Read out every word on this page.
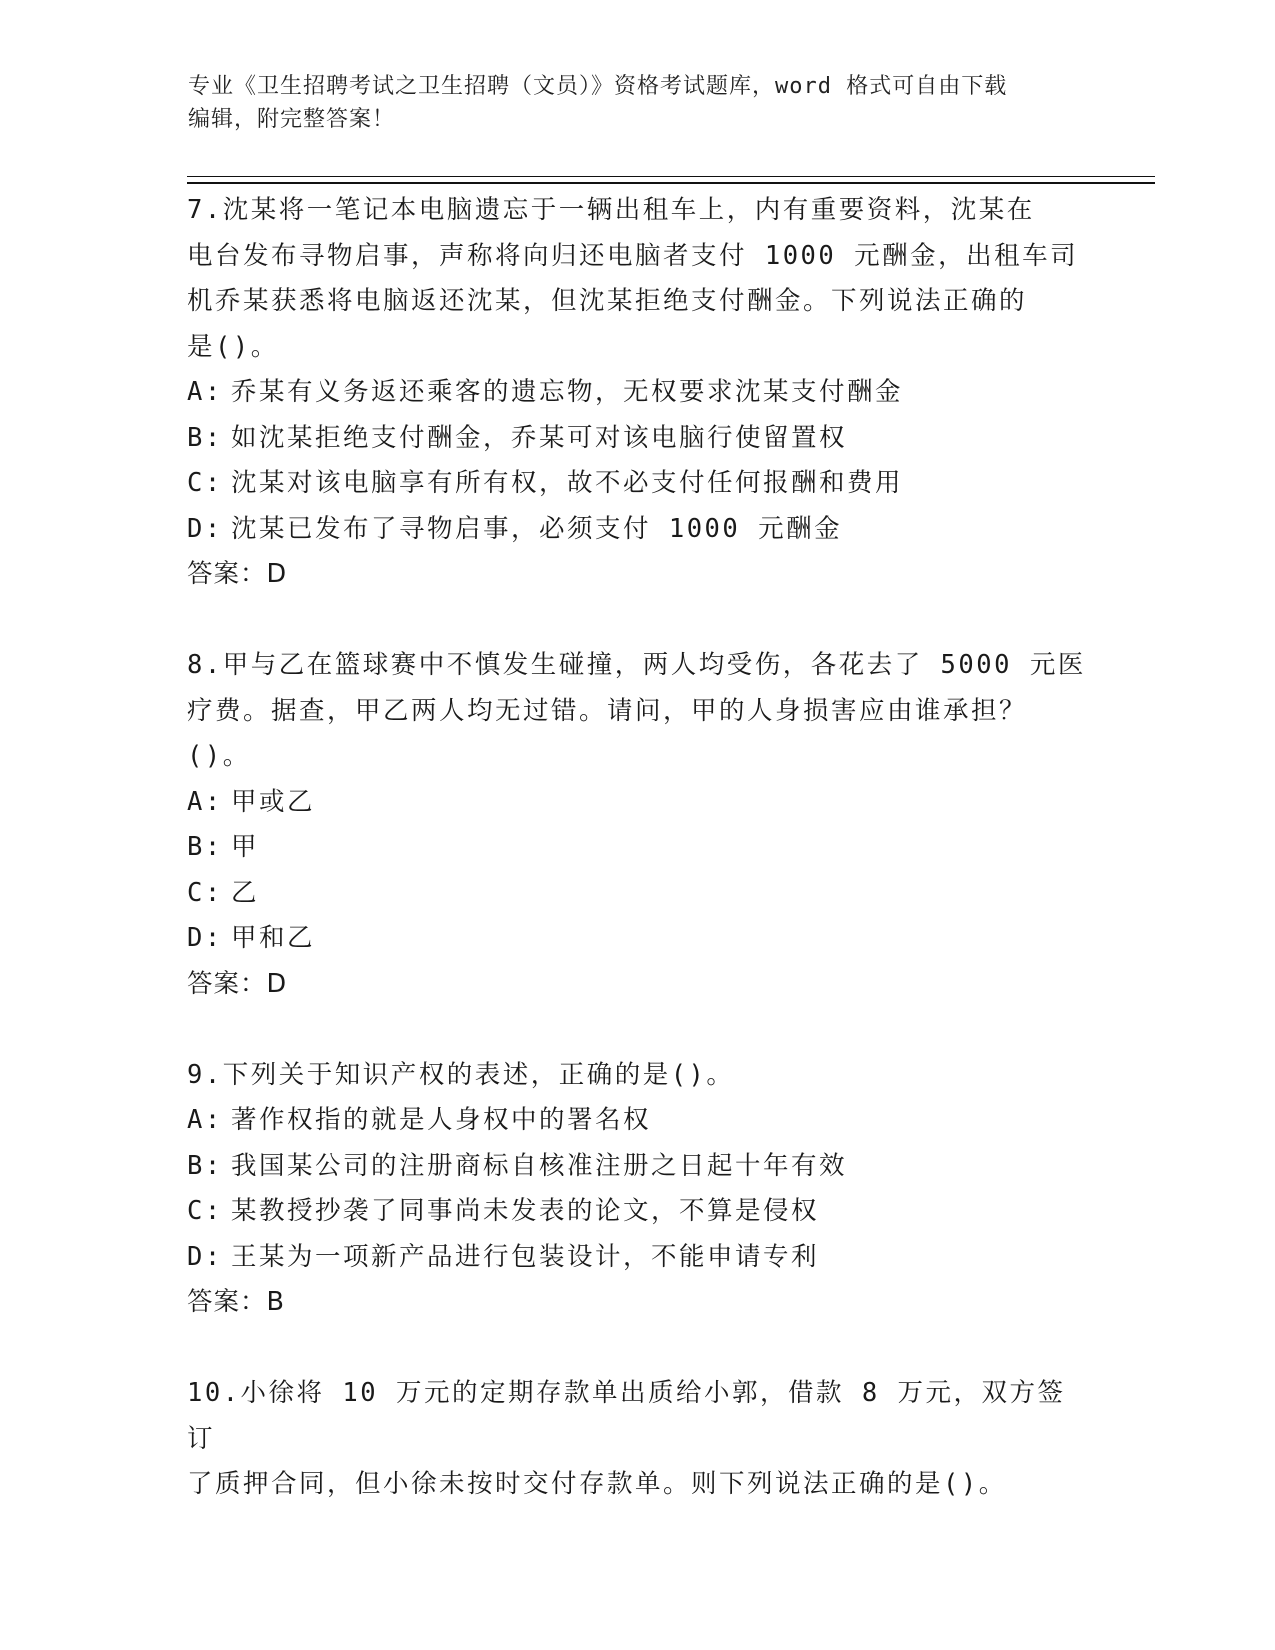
专业《卫生招聘考试之卫生招聘（文员）》资格考试题库，word 格式可自由下载
编辑，附完整答案！

7.沈某将一笔记本电脑遗忘于一辆出租车上，内有重要资料，沈某在

电台发布寻物启事，声称将向归还电脑者支付 1000 元酬金，出租车司

机乔某获悉将电脑返还沈某，但沈某拒绝支付酬金。下列说法正确的

是()。

A: 乔某有义务返还乘客的遗忘物，无权要求沈某支付酬金

B: 如沈某拒绝支付酬金，乔某可对该电脑行使留置权

C: 沈某对该电脑享有所有权，故不必支付任何报酬和费用

D: 沈某已发布了寻物启事，必须支付 1000 元酬金

答案：D

8.甲与乙在篮球赛中不慎发生碰撞，两人均受伤，各花去了 5000 元医

疗费。据查，甲乙两人均无过错。请问，甲的人身损害应由谁承担？

()。

A: 甲或乙

B: 甲

C: 乙

D: 甲和乙

答案：D

9.下列关于知识产权的表述，正确的是()。

A: 著作权指的就是人身权中的署名权

B: 我国某公司的注册商标自核准注册之日起十年有效

C: 某教授抄袭了同事尚未发表的论文，不算是侵权

D: 王某为一项新产品进行包装设计，不能申请专利

答案：B

10.小徐将 10 万元的定期存款单出质给小郭，借款 8 万元，双方签订

了质押合同，但小徐未按时交付存款单。则下列说法正确的是()。
